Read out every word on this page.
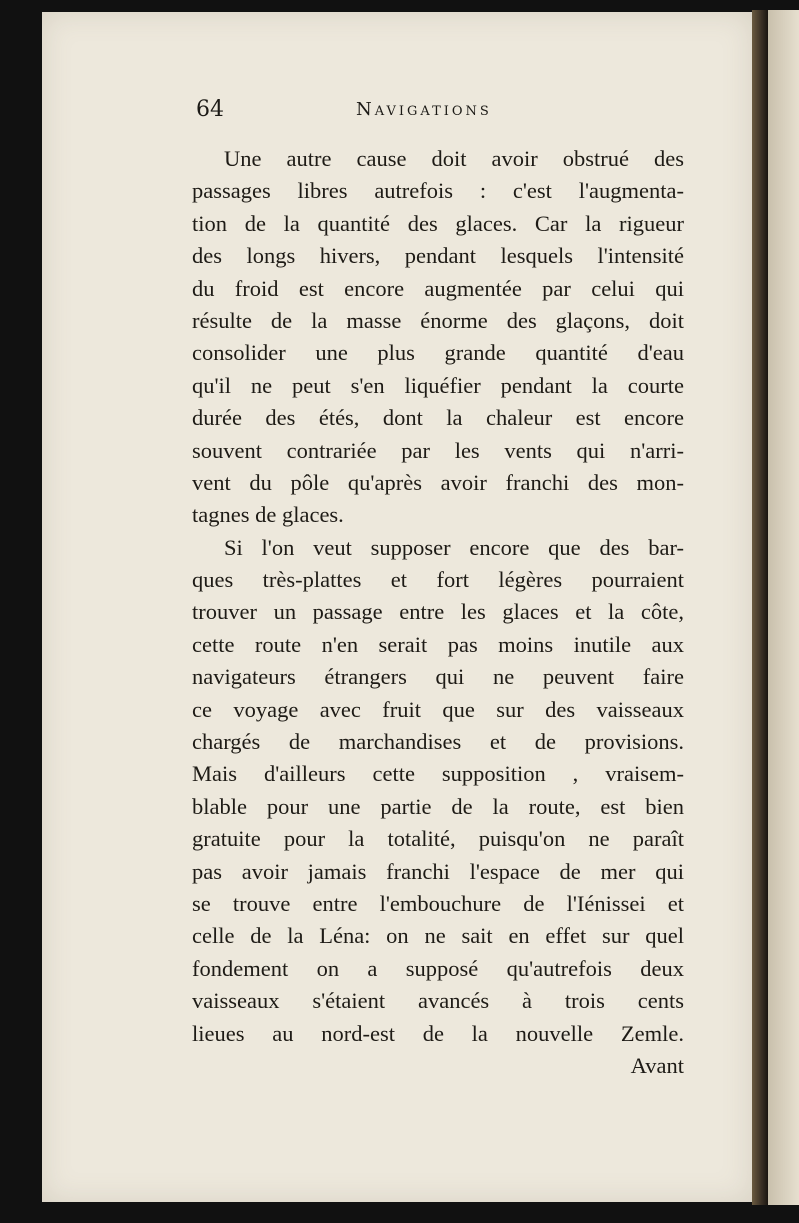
64	Navigations
Une autre cause doit avoir obstrué des
passages libres autrefois : c'est l'augmenta-
tion de la quantité des glaces. Car la rigueur
des longs hivers, pendant lesquels l'intensité
du froid est encore augmentée par celui qui
résulte de la masse énorme des glaçons, doit
consolider une plus grande quantité d'eau
qu'il ne peut s'en liquéfier pendant la courte
durée des étés, dont la chaleur est encore
souvent contrariée par les vents qui n'arri-
vent du pôle qu'après avoir franchi des mon-
tagnes de glaces.
Si l'on veut supposer encore que des bar-
ques très-plattes et fort légères pourraient
trouver un passage entre les glaces et la côte,
cette route n'en serait pas moins inutile aux
navigateurs étrangers qui ne peuvent faire
ce voyage avec fruit que sur des vaisseaux
chargés de marchandises et de provisions.
Mais d'ailleurs cette supposition , vraisem-
blable pour une partie de la route, est bien
gratuite pour la totalité, puisqu'on ne paraît
pas avoir jamais franchi l'espace de mer qui
se trouve entre l'embouchure de l'Iénissei et
celle de la Léna: on ne sait en effet sur quel
fondement on a supposé qu'autrefois deux
vaisseaux s'étaient avancés à trois cents
lieues au nord-est de la nouvelle Zemle.
Avant
